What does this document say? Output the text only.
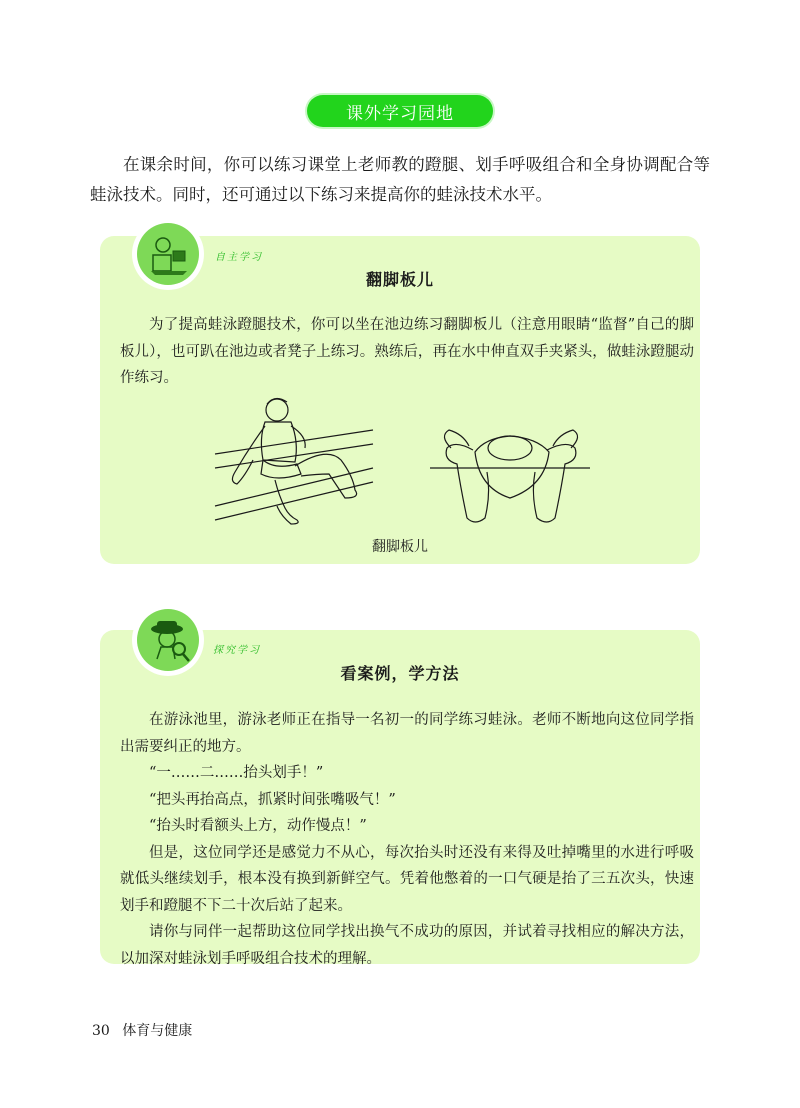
课外学习园地

在课余时间，你可以练习课堂上老师教的蹬腿、划手呼吸组合和全身协调配合等蛙泳技术。同时，还可通过以下练习来提高你的蛙泳技术水平。

自主学习
翻脚板儿

为了提高蛙泳蹬腿技术，你可以坐在池边练习翻脚板儿（注意用眼睛“监督”自己的脚板儿），也可趴在池边或者凳子上练习。熟练后，再在水中伸直双手夹紧头，做蛙泳蹬腿动作练习。

翻脚板儿
探究学习
看案例，学方法

在游泳池里，游泳老师正在指导一名初一的同学练习蛙泳。老师不断地向这位同学指出需要纠正的地方。

“一……二……抬头划手！”

“把头再抬高点，抓紧时间张嘴吸气！”

“抬头时看额头上方，动作慢点！”

但是，这位同学还是感觉力不从心，每次抬头时还没有来得及吐掉嘴里的水进行呼吸就低头继续划手，根本没有换到新鲜空气。凭着他憋着的一口气硬是抬了三五次头，快速划手和蹬腿不下二十次后站了起来。

请你与同伴一起帮助这位同学找出换气不成功的原因，并试着寻找相应的解决方法，以加深对蛙泳划手呼吸组合技术的理解。

30 体育与健康
